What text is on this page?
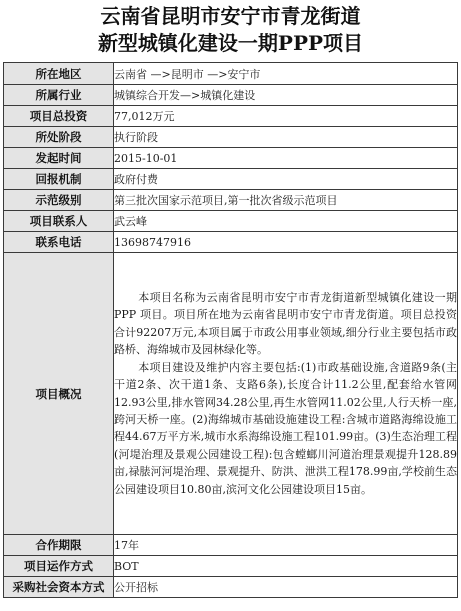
云南省昆明市安宁市青龙街道
新型城镇化建设一期PPP项目
所在地区	云南省 —>昆明市 —>安宁市
所属行业	城镇综合开发—>城镇化建设
项目总投资	77,012万元
所处阶段	执行阶段
发起时间	2015-10-01
回报机制	政府付费
示范级别	第三批次国家示范项目,第一批次省级示范项目
项目联系人	武云峰
联系电话	13698747916
项目概况	本项目名称为云南省昆明市安宁市青龙街道新型城镇化建设一期 PPP 项目。项目所在地为云南省昆明市安宁市青龙街道。项目总投资合计92207万元,本项目属于市政公用事业领域,细分行业主要包括市政路桥、海绵城市及园林绿化等。

本项目建设及维护内容主要包括:(1)市政基础设施,含道路9条(主干道2条、次干道1条、支路6条),长度合计11.2公里,配套给水管网12.93公里,排水管网34.28公里,再生水管网11.02公里,人行天桥一座,跨河天桥一座。(2)海绵城市基础设施建设工程:含城市道路海绵设施工程44.67万平方米,城市水系海绵设施工程101.99亩。(3)生态治理工程(河堤治理及景观公园建设工程):包含螳螂川河道治理景观提升128.89亩,禄脿河河堤治理、景观提升、防洪、泄洪工程178.99亩,学校前生态公园建设项目10.80亩,滨河文化公园建设项目15亩。

合作期限	17年
项目运作方式	BOT
采购社会资本方式	公开招标
